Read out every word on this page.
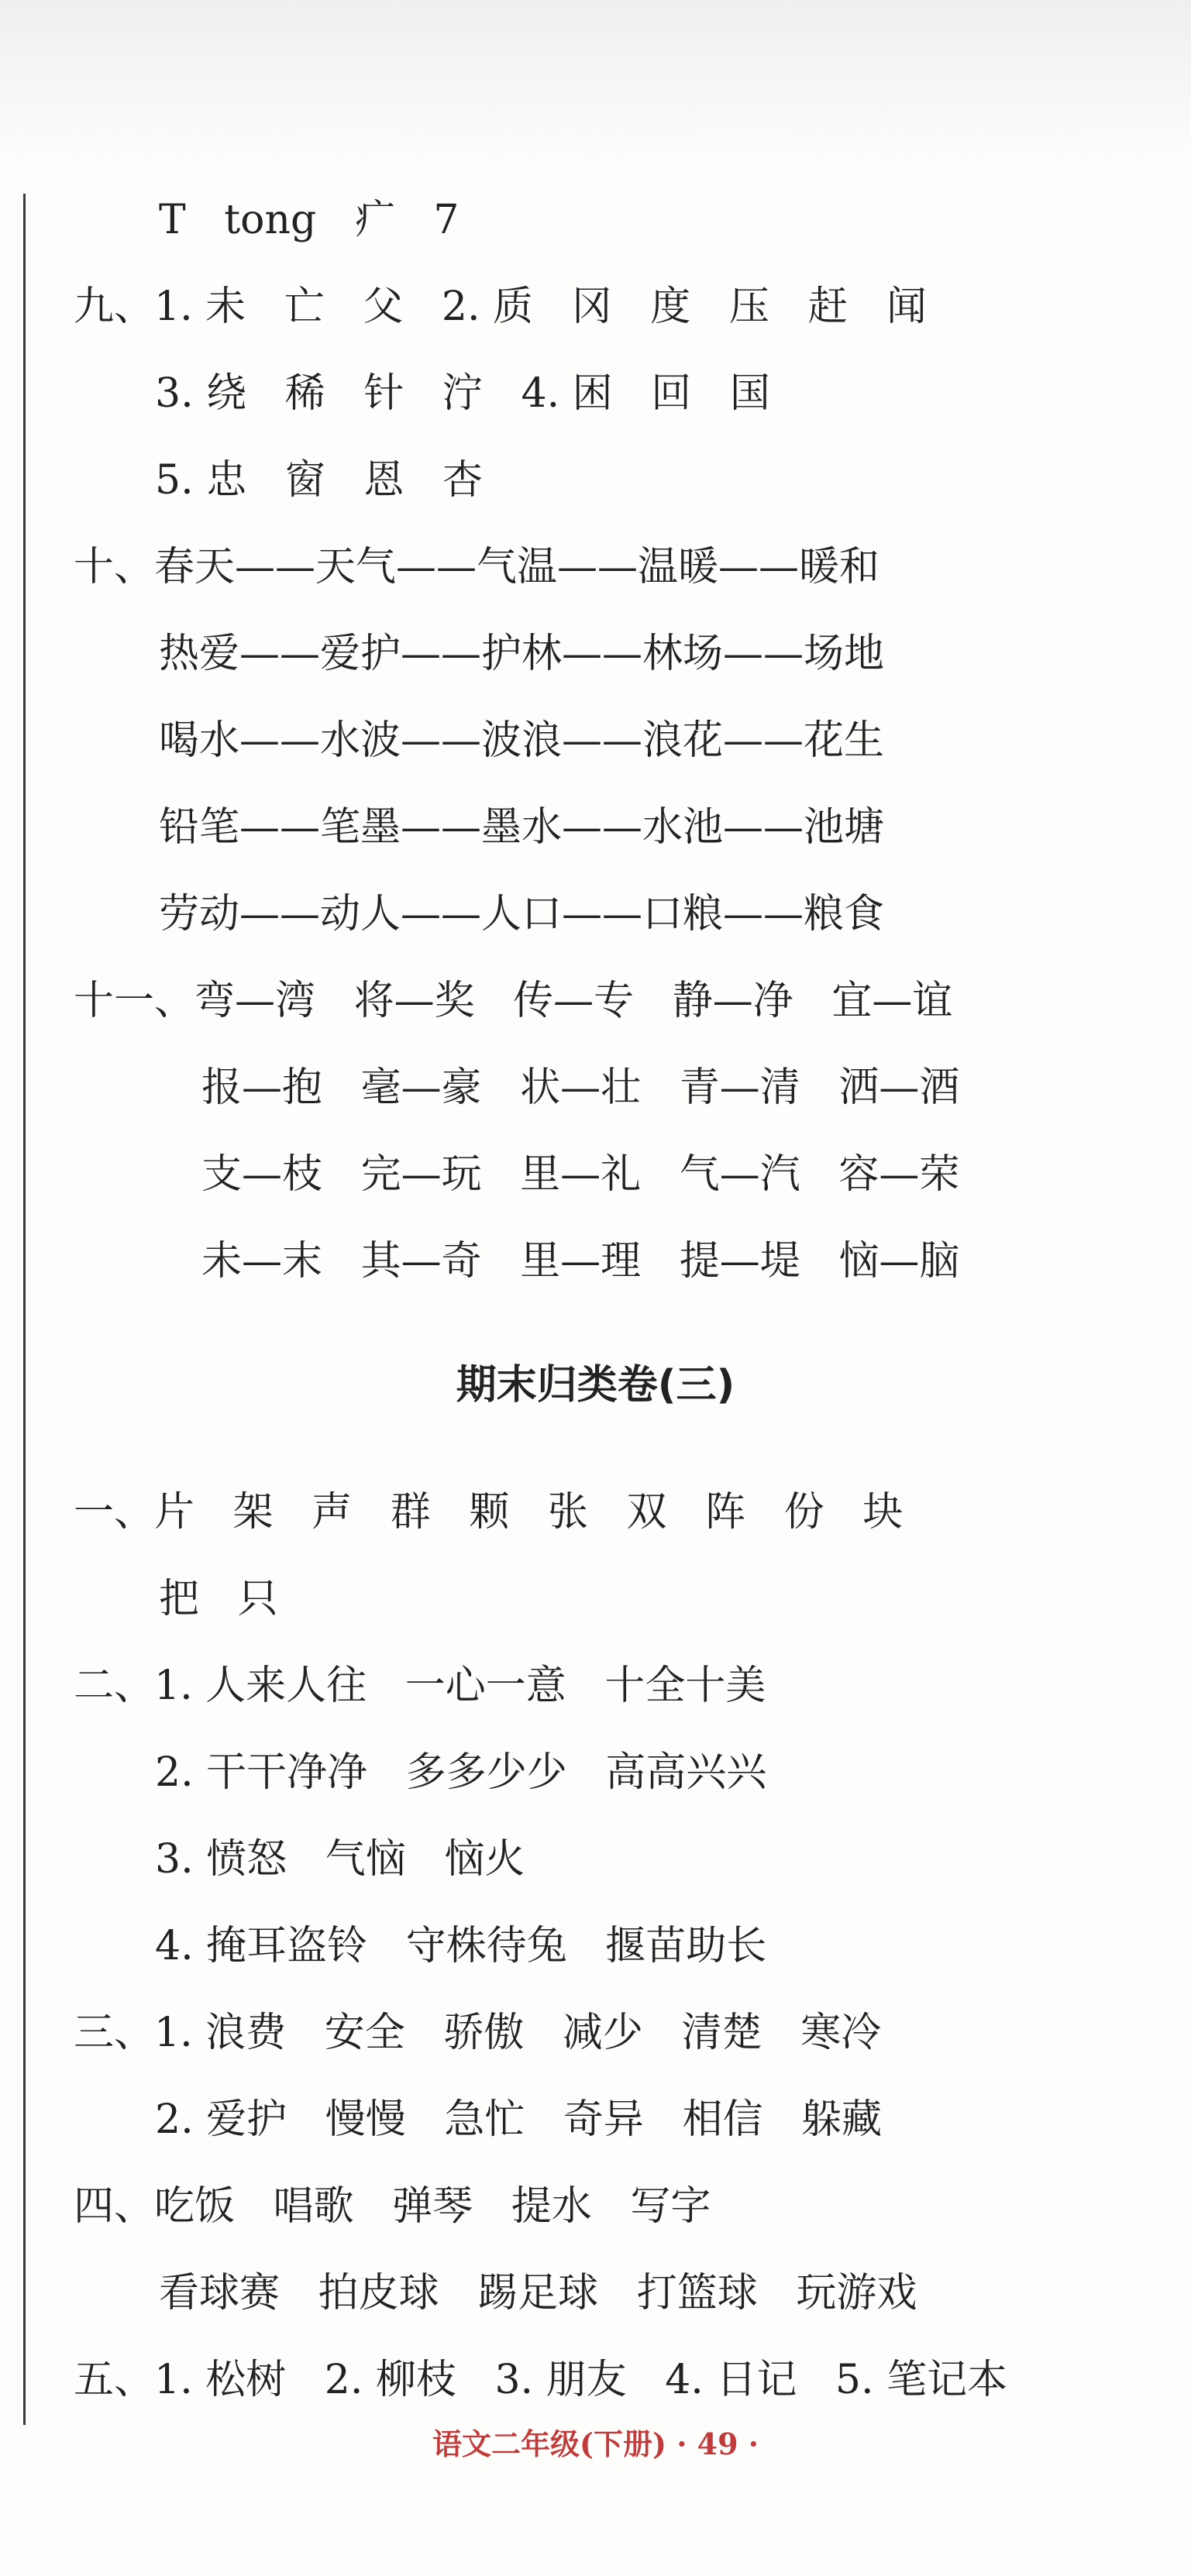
T   tong   疒   7
九、1. 未   亡   父   2. 质   冈   度   压   赶   闻
3. 绕   稀   针   泞   4. 困   回   国
5. 忠   窗   恩   杏
十、春天——天气——气温——温暖——暖和
热爱——爱护——护林——林场——场地
喝水——水波——波浪——浪花——花生
铅笔——笔墨——墨水——水池——池塘
劳动——动人——人口——口粮——粮食
十一、弯—湾   将—奖   传—专   静—净   宜—谊
报—抱   毫—豪   状—壮   青—清   洒—酒
支—枝   完—玩   里—礼   气—汽   容—荣
未—末   其—奇   里—理   提—堤   恼—脑
期末归类卷(三)
一、片   架   声   群   颗   张   双   阵   份   块
把   只
二、1. 人来人往   一心一意   十全十美
2. 干干净净   多多少少   高高兴兴
3. 愤怒   气恼   恼火
4. 掩耳盗铃   守株待兔   揠苗助长
三、1. 浪费   安全   骄傲   减少   清楚   寒冷
2. 爱护   慢慢   急忙   奇异   相信   躲藏
四、吃饭   唱歌   弹琴   提水   写字
看球赛   拍皮球   踢足球   打篮球   玩游戏
五、1. 松树   2. 柳枝   3. 朋友   4. 日记   5. 笔记本
语文二年级(下册) · 49 ·
